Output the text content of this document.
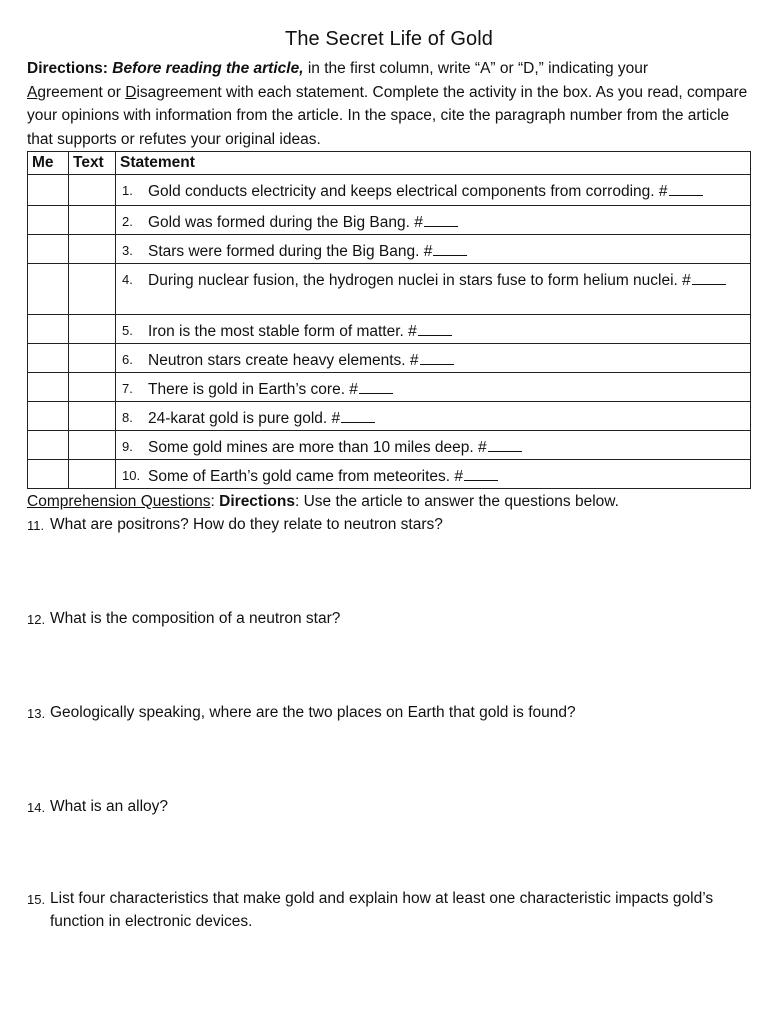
The Secret Life of Gold

Directions: Before reading the article, in the first column, write “A” or “D,” indicating your
Agreement or Disagreement with each statement. Complete the activity in the box. As you read, compare your opinions with information from the article. In the space, cite the paragraph number from the article that supports or refutes your original ideas.

Me	Text	Statement

		1. Gold conducts electricity and keeps electrical components from corroding. #

		2. Gold was formed during the Big Bang. #

		3. Stars were formed during the Big Bang. #

		4. During nuclear fusion, the hydrogen nuclei in stars fuse to form helium nuclei. #

		5. Iron is the most stable form of matter. #

		6. Neutron stars create heavy elements. #

		7. There is gold in Earth’s core. #

		8. 24-karat gold is pure gold. #

		9. Some gold mines are more than 10 miles deep. #

		10. Some of Earth’s gold came from meteorites. #

Comprehension Questions: Directions: Use the article to answer the questions below.

11. What are positrons? How do they relate to neutron stars?
12. What is the composition of a neutron star?
13. Geologically speaking, where are the two places on Earth that gold is found?
14. What is an alloy?
15. List four characteristics that make gold and explain how at least one characteristic impacts gold’s function in electronic devices.
